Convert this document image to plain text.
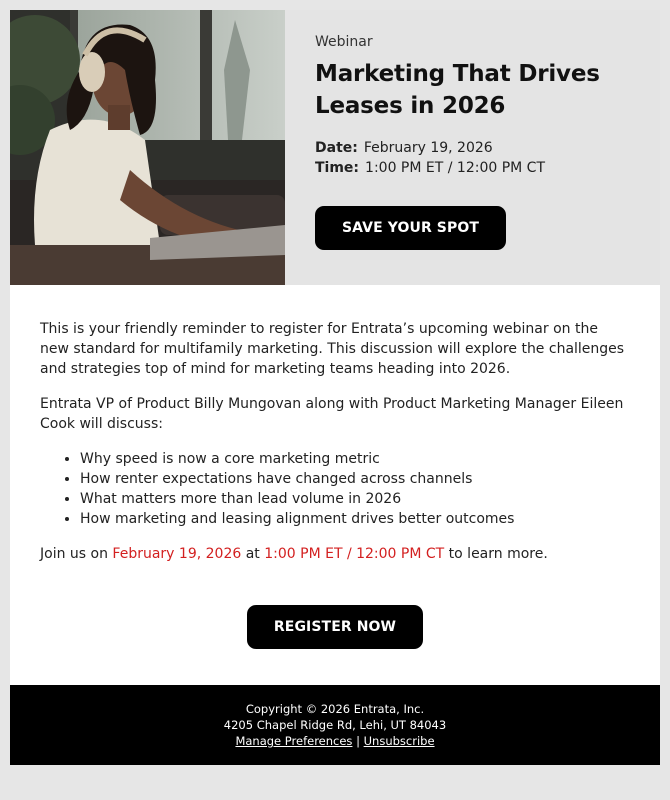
Webinar
Marketing That Drives
Leases in 2026
Date: February 19, 2026
Time: 1:00 PM ET / 12:00 PM CT
SAVE YOUR SPOT

This is your friendly reminder to register for Entrata’s upcoming webinar on the new standard for multifamily marketing. This discussion will explore the challenges and strategies top of mind for marketing teams heading into 2026.

Entrata VP of Product Billy Mungovan along with Product Marketing Manager Eileen Cook will discuss:

• Why speed is now a core marketing metric
• How renter expectations have changed across channels
• What matters more than lead volume in 2026
• How marketing and leasing alignment drives better outcomes

Join us on February 19, 2026 at 1:00 PM ET / 12:00 PM CT to learn more.

REGISTER NOW
Copyright © 2026 Entrata, Inc.
4205 Chapel Ridge Rd, Lehi, UT 84043
Manage Preferences | Unsubscribe
